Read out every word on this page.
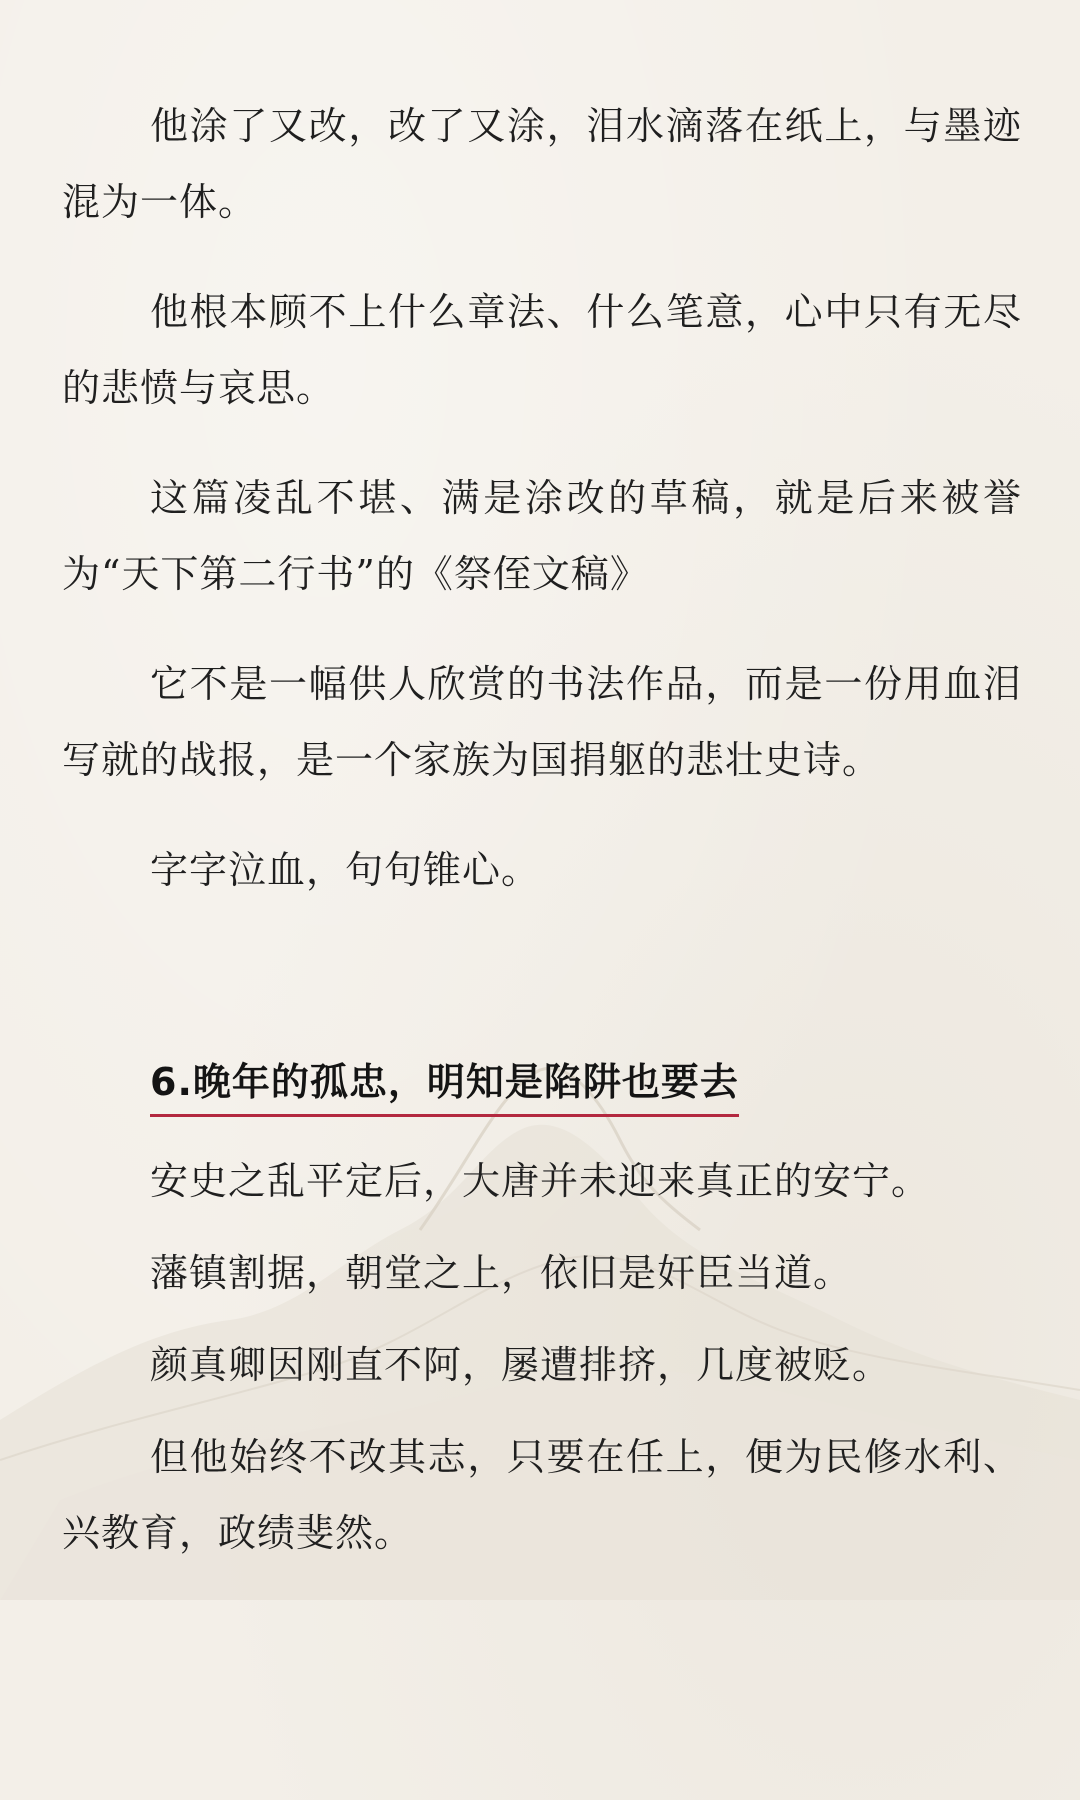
他涂了又改，改了又涂，泪水滴落在纸上，与墨迹混为一体。

他根本顾不上什么章法、什么笔意，心中只有无尽的悲愤与哀思。

这篇凌乱不堪、满是涂改的草稿，就是后来被誉为“天下第二行书”的《祭侄文稿》

它不是一幅供人欣赏的书法作品，而是一份用血泪写就的战报，是一个家族为国捐躯的悲壮史诗。

字字泣血，句句锥心。

6.晚年的孤忠，明知是陷阱也要去

安史之乱平定后，大唐并未迎来真正的安宁。

藩镇割据，朝堂之上，依旧是奸臣当道。

颜真卿因刚直不阿，屡遭排挤，几度被贬。

但他始终不改其志，只要在任上，便为民修水利、兴教育，政绩斐然。
